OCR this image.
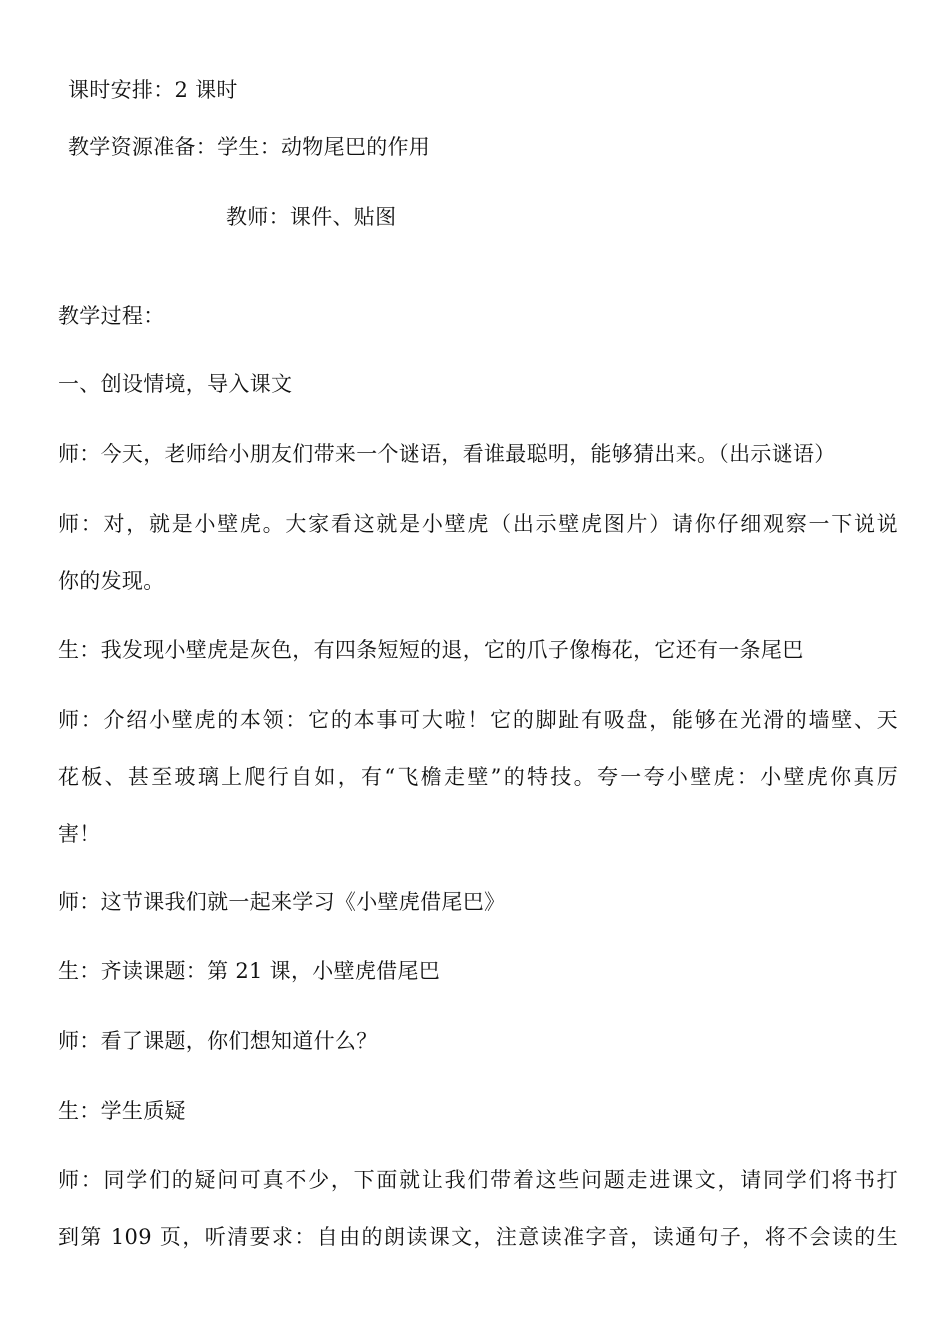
课时安排：2 课时
教学资源准备：学生：动物尾巴的作用
教师：课件、贴图
教学过程：
一、创设情境，导入课文
师：今天，老师给小朋友们带来一个谜语，看谁最聪明，能够猜出来。（出示谜语）
师：对，就是小壁虎。大家看这就是小壁虎（出示壁虎图片）请你仔细观察一下说说
你的发现。
生：我发现小壁虎是灰色，有四条短短的退，它的爪子像梅花，它还有一条尾巴
师：介绍小壁虎的本领：它的本事可大啦！它的脚趾有吸盘，能够在光滑的墙壁、天
花板、甚至玻璃上爬行自如，有“飞檐走壁”的特技。夸一夸小壁虎：小壁虎你真厉
害！
师：这节课我们就一起来学习《小壁虎借尾巴》
生：齐读课题：第 21 课，小壁虎借尾巴
师：看了课题，你们想知道什么？
生：学生质疑
师：同学们的疑问可真不少，下面就让我们带着这些问题走进课文，请同学们将书打
到第 109 页，听清要求：自由的朗读课文，注意读准字音，读通句子，将不会读的生
